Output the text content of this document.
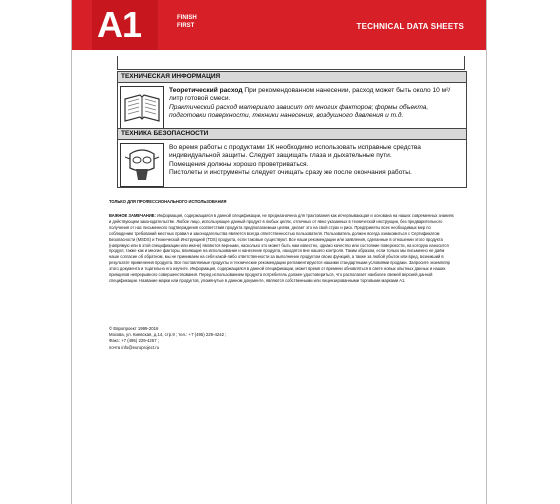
A1	FINISH
FIRST	TECHNICAL DATA SHEETS
ТЕХНИЧЕСКАЯ ИНФОРМАЦИЯ

Теоретический расход При рекомендованном нанесении, расход может быть около 10 м²/литр готовой смеси.

Практический расход материало зависит от многих факторов; формы объекта, подготовки поверхности, техники нанесения, воздушного давления и т.д.

ТЕХНИКА БЕЗОПАСНОСТИ

Во время работы с продуктами 1К необходимо использовать исправные средства индивидуальной защиты. Следует защищать глаза и дыхательные пути.

Помещения должны хорошо проветриваться.

Пистолеты и инструменты следует очищать сразу же после окончания работы.

ТОЛЬКО ДЛЯ ПРОФЕССИОНАЛЬНОГО ИСПОЛЬЗОВАНИЯ

ВАЖНОЕ ЗАМЕЧАНИЕ: Информация, содержащаяся в данной спецификации, не предназначена для трактования как исчерпывающая и основана на наших современных знаниях и действующем законодательстве. Любое лицо, использующее данный продукт в любых целях, отличных от явно указанных в технической инструкции, без предварительного получения от нас письменного подтверждения соответствия продукта предполагаемым целям, делает это на свой страх и риск. Предприняты всех необходимых мер по соблюдению требований местных правил и законодательства является всегда ответственностью пользователя. Пользователь должен всегда ознакомиться с Сертификатом Безопасности (MSDS) и Технической Инструкцией (TDS) продукта, если таковые существуют. Все наши рекомендации или заявления, сделанные в отношении этого продукта (напрямую или в этой спецификации или иначе) являются верными, насколько это может быть нам известно, однако качество или состояние поверхности, на которую наносится продукт, также как и многие факторы, влияющие на использование и нанесение продукта, находятся вне нашего контроля. Таким образом, если только мы письменно не даём наше согласие об обратном, мы не принимаем на себя какой-либо ответственности за выполнение продуктом своих функций, а также за любой убыток или вред, возникший в результате применения продукта. Все поставляемые продукты и технические рекомендации регламентируются нашими стандартными условиями продажи. Запросите экземпляр этого документа и тщательно его изучите. Информация, содержащаяся в данной спецификации, может время от времени обновляться в свете новых опытных данных и наших принципов непрерывного совершенствования. Перед использованием продукта потребитель должен удостовериться, что располагает наиболее свежей версией данной спецификации. Название марки или продуктов, упомянутые в данном документе, являются собственными или лицензированными торговыми марками A1.

© Европроект 1999-2016
Москва, ул. Киевская, д.14, стр.9 ; тел.: +7 (495) 229-4242 ;
Факс: +7 (495) 229-4257 ;
почта info@europroject.ru
